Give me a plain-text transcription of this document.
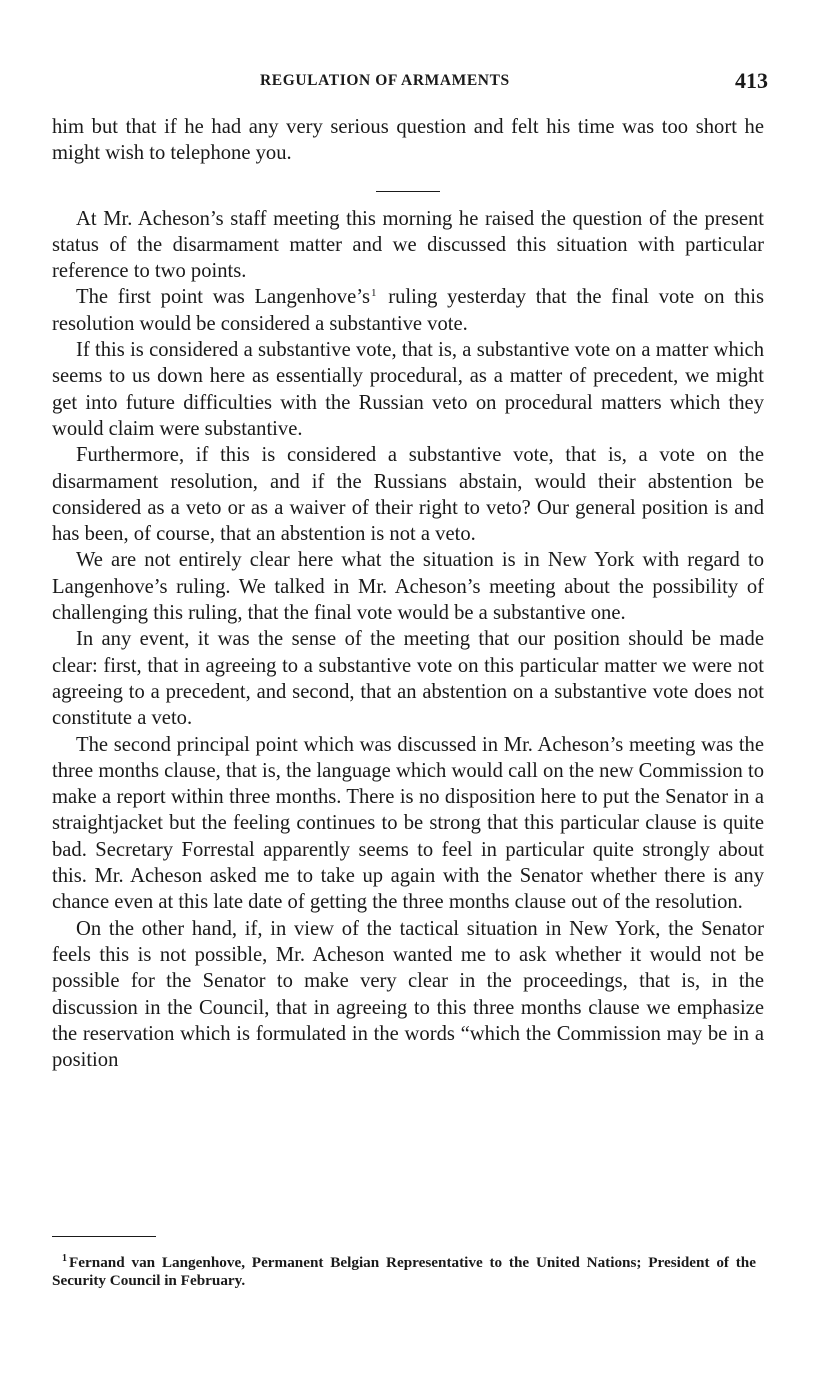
REGULATION OF ARMAMENTS	413

him but that if he had any very serious question and felt his time was too short he might wish to telephone you.

At Mr. Acheson’s staff meeting this morning he raised the question of the present status of the disarmament matter and we discussed this situation with particular reference to two points.

The first point was Langenhove’s$^1$ ruling yesterday that the final vote on this resolution would be considered a substantive vote.

If this is considered a substantive vote, that is, a substantive vote on a matter which seems to us down here as essentially procedural, as a matter of precedent, we might get into future difficulties with the Russian veto on procedural matters which they would claim were substantive.

Furthermore, if this is considered a substantive vote, that is, a vote on the disarmament resolution, and if the Russians abstain, would their abstention be considered as a veto or as a waiver of their right to veto? Our general position is and has been, of course, that an abstention is not a veto.

We are not entirely clear here what the situation is in New York with regard to Langenhove’s ruling. We talked in Mr. Acheson’s meeting about the possibility of challenging this ruling, that the final vote would be a substantive one.

In any event, it was the sense of the meeting that our position should be made clear: first, that in agreeing to a substantive vote on this particular matter we were not agreeing to a precedent, and second, that an abstention on a substantive vote does not constitute a veto.

The second principal point which was discussed in Mr. Acheson’s meeting was the three months clause, that is, the language which would call on the new Commission to make a report within three months. There is no disposition here to put the Senator in a straightjacket but the feeling continues to be strong that this particular clause is quite bad. Secretary Forrestal apparently seems to feel in particular quite strongly about this. Mr. Acheson asked me to take up again with the Senator whether there is any chance even at this late date of getting the three months clause out of the resolution.

On the other hand, if, in view of the tactical situation in New York, the Senator feels this is not possible, Mr. Acheson wanted me to ask whether it would not be possible for the Senator to make very clear in the proceedings, that is, in the discussion in the Council, that in agreeing to this three months clause we emphasize the reservation which is formulated in the words “which the Commission may be in a position

$^1$ Fernand van Langenhove, Permanent Belgian Representative to the United Nations; President of the Security Council in February.
